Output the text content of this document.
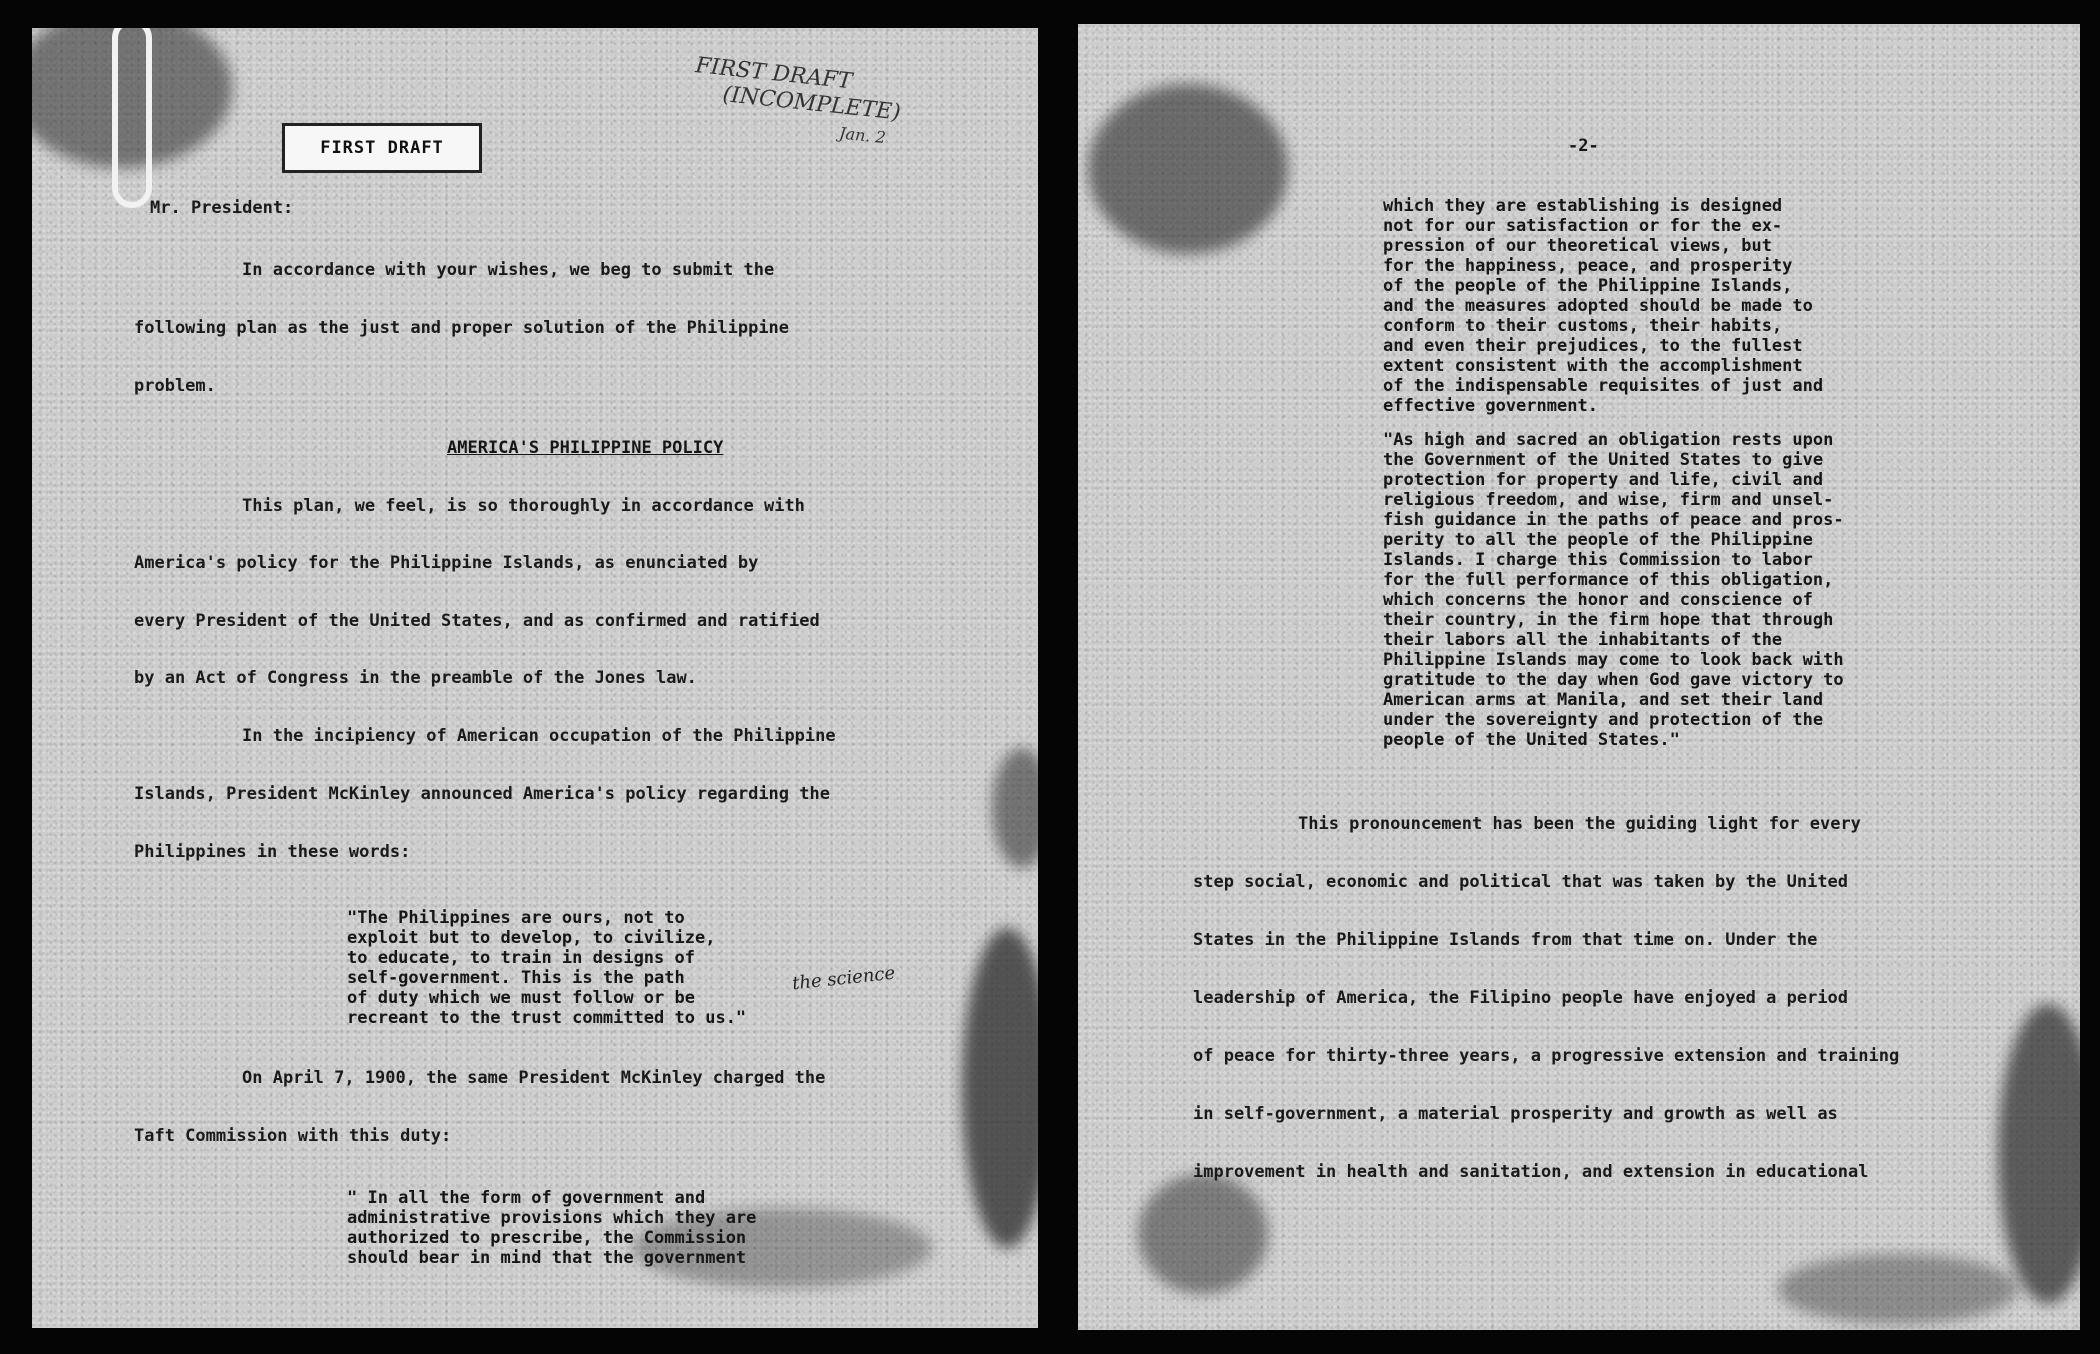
FIRST DRAFT
FIRST DRAFT
(INCOMPLETE)
Jan. 2
Mr. President:
In accordance with your wishes, we beg to submit the
following plan as the just and proper solution of the Philippine
problem.
AMERICA'S PHILIPPINE POLICY
This plan, we feel, is so thoroughly in accordance with
America's policy for the Philippine Islands, as enunciated by
every President of the United States, and as confirmed and ratified
by an Act of Congress in the preamble of the Jones law.
In the incipiency of American occupation of the Philippine
Islands, President McKinley announced America's policy regarding the
Philippines in these words:
"The Philippines are ours, not to
exploit but to develop, to civilize,
to educate, to train in designs of
self-government. This is the path
of duty which we must follow or be
recreant to the trust committed to us."
the science
On April 7, 1900, the same President McKinley charged the
Taft Commission with this duty:
" In all the form of government and
administrative provisions which they are
authorized to prescribe, the Commission
should bear in mind that the government
-2-
which they are establishing is designed
not for our satisfaction or for the ex-
pression of our theoretical views, but
for the happiness, peace, and prosperity
of the people of the Philippine Islands,
and the measures adopted should be made to
conform to their customs, their habits,
and even their prejudices, to the fullest
extent consistent with the accomplishment
of the indispensable requisites of just and
effective government.
"As high and sacred an obligation rests upon
the Government of the United States to give
protection for property and life, civil and
religious freedom, and wise, firm and unsel-
fish guidance in the paths of peace and pros-
perity to all the people of the Philippine
Islands. I charge this Commission to labor
for the full performance of this obligation,
which concerns the honor and conscience of
their country, in the firm hope that through
their labors all the inhabitants of the
Philippine Islands may come to look back with
gratitude to the day when God gave victory to
American arms at Manila, and set their land
under the sovereignty and protection of the
people of the United States."
This pronouncement has been the guiding light for every
step social, economic and political that was taken by the United
States in the Philippine Islands from that time on. Under the
leadership of America, the Filipino people have enjoyed a period
of peace for thirty-three years, a progressive extension and training
in self-government, a material prosperity and growth as well as
improvement in health and sanitation, and extension in educational
